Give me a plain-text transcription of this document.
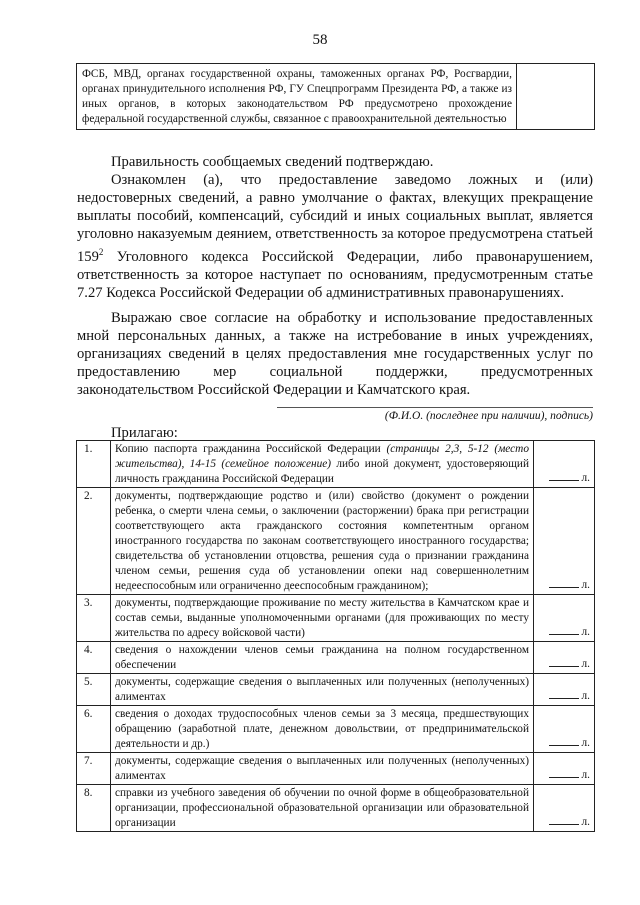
58
ФСБ, МВД, органах государственной охраны, таможенных органах РФ, Росгвардии, органах принудительного исполнения РФ, ГУ Спецпрограмм Президента РФ, а также из иных органов, в которых законодательством РФ предусмотрено прохождение федеральной государственной службы, связанное с правоохранительной деятельностью	

Правильность сообщаемых сведений подтверждаю.

Ознакомлен (а), что предоставление заведомо ложных и (или) недостоверных сведений, а равно умолчание о фактах, влекущих прекращение выплаты пособий, компенсаций, субсидий и иных социальных выплат, является уголовно наказуемым деянием, ответственность за которое предусмотрена статьей $159^2$ Уголовного кодекса Российской Федерации, либо правонарушением, ответственность за которое наступает по основаниям, предусмотренным статье 7.27 Кодекса Российской Федерации об административных правонарушениях.

Выражаю свое согласие на обработку и использование предоставленных мной персональных данных, а также на истребование в иных учреждениях, организациях сведений в целях предоставления мне государственных услуг по предоставлению мер социальной поддержки, предусмотренных законодательством Российской Федерации и Камчатского края.

(Ф.И.О. (последнее при наличии), подпись)
Прилагаю:
1.	Копию паспорта гражданина Российской Федерации (страницы 2,3, 5-12 (место жительства), 14-15 (семейное положение) либо иной документ, удостоверяющий личность гражданина Российской Федерации	л.
2.	документы, подтверждающие родство и (или) свойство (документ о рождении ребенка, о смерти члена семьи, о заключении (расторжении) брака при регистрации соответствующего акта гражданского состояния компетентным органом иностранного государства по законам соответствующего иностранного государства; свидетельства об установлении отцовства, решения суда о признании гражданина членом семьи, решения суда об установлении опеки над совершеннолетним недееспособным или ограниченно дееспособным гражданином);	л.
3.	документы, подтверждающие проживание по месту жительства в Камчатском крае и состав семьи, выданные уполномоченными органами (для проживающих по месту жительства по адресу войсковой части)	л.
4.	сведения о нахождении членов семьи гражданина на полном государственном обеспечении	л.
5.	документы, содержащие сведения о выплаченных или полученных (неполученных) алиментах	л.
6.	сведения о доходах трудоспособных членов семьи за 3 месяца, предшествующих обращению (заработной плате, денежном довольствии, от предпринимательской деятельности и др.)	л.
7.	документы, содержащие сведения о выплаченных или полученных (неполученных) алиментах	л.
8.	справки из учебного заведения об обучении по очной форме в общеобразовательной организации, профессиональной образовательной организации или образовательной организации	л.
